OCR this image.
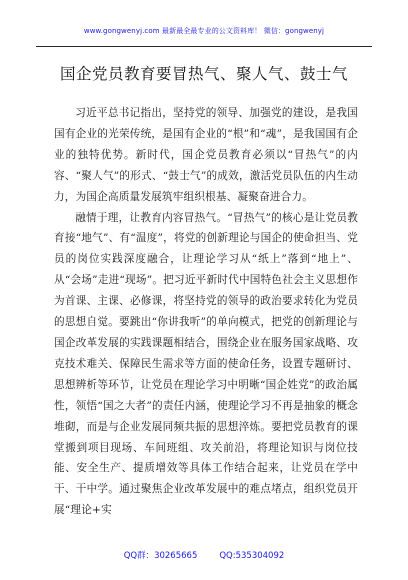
www.gongwenyj.com 最新最全最专业的公文资料库！ 微信：gongwenyj
国企党员教育要冒热气、聚人气、鼓士气

习近平总书记指出，坚持党的领导、加强党的建设，是我国国有企业的光荣传统，是国有企业的“根”和“魂”，是我国国有企业的独特优势。新时代，国企党员教育必须以“冒热气”的内容、“聚人气”的形式、“鼓士气”的成效，激活党员队伍的内生动力，为国企高质量发展筑牢组织根基、凝聚奋进合力。

融情于理，让教育内容冒热气。“冒热气”的核心是让党员教育接“地气”、有“温度”，将党的创新理论与国企的使命担当、党员的岗位实践深度融合，让理论学习从“纸上”落到“地上”、从“会场”走进“现场”。把习近平新时代中国特色社会主义思想作为首课、主课、必修课，将坚持党的领导的政治要求转化为党员的思想自觉。要跳出“你讲我听”的单向模式，把党的创新理论与国企改革发展的实践课题相结合，围绕企业在服务国家战略、攻克技术难关、保障民生需求等方面的使命任务，设置专题研讨、思想辨析等环节，让党员在理论学习中明晰“国企姓党”的政治属性，领悟“国之大者”的责任内涵，使理论学习不再是抽象的概念堆砌，而是与企业发展同频共振的思想淬炼。要把党员教育的课堂搬到项目现场、车间班组、攻关前沿，将理论知识与岗位技能、安全生产、提质增效等具体工作结合起来，让党员在学中干、干中学。通过聚焦企业改革发展中的难点堵点，组织党员开展“理论+实

QQ群：30265665	QQ:535304092
